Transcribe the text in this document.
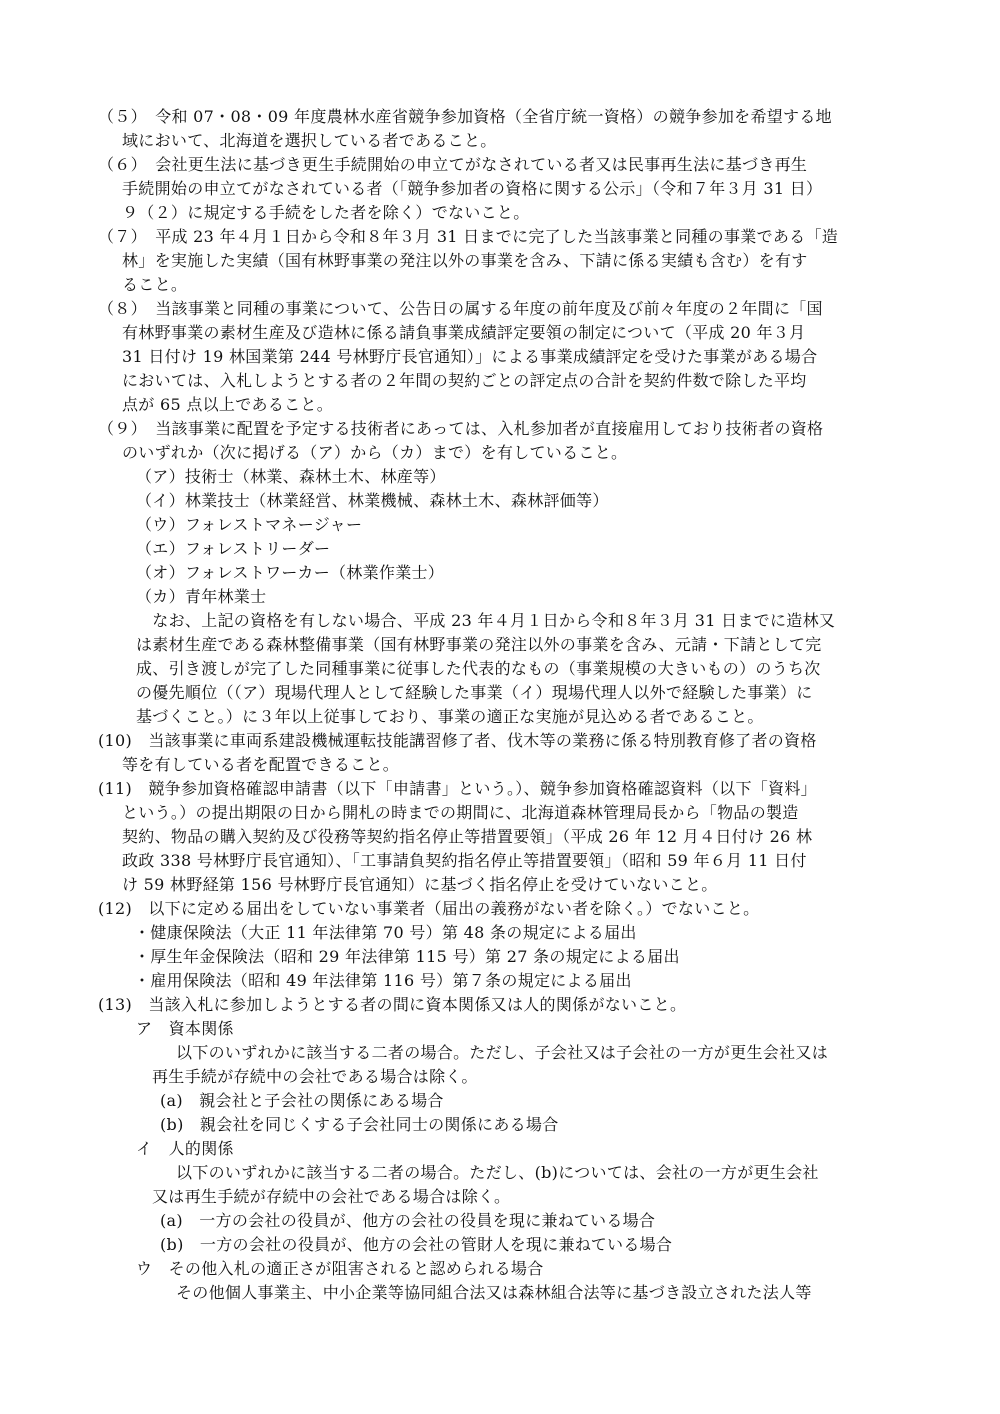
（５）　令和 07・08・09 年度農林水産省競争参加資格（全省庁統一資格）の競争参加を希望する地
域において、北海道を選択している者であること。
（６）　会社更生法に基づき更生手続開始の申立てがなされている者又は民事再生法に基づき再生
手続開始の申立てがなされている者（「競争参加者の資格に関する公示」（令和７年３月 31 日）
９（２）に規定する手続をした者を除く）でないこと。
（７）　平成 23 年４月１日から令和８年３月 31 日までに完了した当該事業と同種の事業である「造
林」を実施した実績（国有林野事業の発注以外の事業を含み、下請に係る実績も含む）を有す
ること。
（８）　当該事業と同種の事業について、公告日の属する年度の前年度及び前々年度の２年間に「国
有林野事業の素材生産及び造林に係る請負事業成績評定要領の制定について（平成 20 年３月
31 日付け 19 林国業第 244 号林野庁長官通知）」による事業成績評定を受けた事業がある場合
においては、入札しようとする者の２年間の契約ごとの評定点の合計を契約件数で除した平均
点が 65 点以上であること。
（９）　当該事業に配置を予定する技術者にあっては、入札参加者が直接雇用しており技術者の資格
のいずれか（次に掲げる（ア）から（カ）まで）を有していること。
（ア）技術士（林業、森林土木、林産等）
（イ）林業技士（林業経営、林業機械、森林土木、森林評価等）
（ウ）フォレストマネージャー
（エ）フォレストリーダー
（オ）フォレストワーカー（林業作業士）
（カ）青年林業士
　なお、上記の資格を有しない場合、平成 23 年４月１日から令和８年３月 31 日までに造林又
は素材生産である森林整備事業（国有林野事業の発注以外の事業を含み、元請・下請として完
成、引き渡しが完了した同種事業に従事した代表的なもの（事業規模の大きいもの）のうち次
の優先順位（（ア）現場代理人として経験した事業（イ）現場代理人以外で経験した事業）に
基づくこと。）に３年以上従事しており、事業の適正な実施が見込める者であること。
(10)　当該事業に車両系建設機械運転技能講習修了者、伐木等の業務に係る特別教育修了者の資格
等を有している者を配置できること。
(11)　競争参加資格確認申請書（以下「申請書」という。）、競争参加資格確認資料（以下「資料」
という。）の提出期限の日から開札の時までの期間に、北海道森林管理局長から「物品の製造
契約、物品の購入契約及び役務等契約指名停止等措置要領」（平成 26 年 12 月４日付け 26 林
政政 338 号林野庁長官通知）、「工事請負契約指名停止等措置要領」（昭和 59 年６月 11 日付
け 59 林野経第 156 号林野庁長官通知）に基づく指名停止を受けていないこと。
(12)　以下に定める届出をしていない事業者（届出の義務がない者を除く。）でないこと。
・健康保険法（大正 11 年法律第 70 号）第 48 条の規定による届出
・厚生年金保険法（昭和 29 年法律第 115 号）第 27 条の規定による届出
・雇用保険法（昭和 49 年法律第 116 号）第７条の規定による届出
(13)　当該入札に参加しようとする者の間に資本関係又は人的関係がないこと。
ア　資本関係
以下のいずれかに該当する二者の場合。ただし、子会社又は子会社の一方が更生会社又は
再生手続が存続中の会社である場合は除く。
(a)　親会社と子会社の関係にある場合
(b)　親会社を同じくする子会社同士の関係にある場合
イ　人的関係
以下のいずれかに該当する二者の場合。ただし、(b)については、会社の一方が更生会社
又は再生手続が存続中の会社である場合は除く。
(a)　一方の会社の役員が、他方の会社の役員を現に兼ねている場合
(b)　一方の会社の役員が、他方の会社の管財人を現に兼ねている場合
ウ　その他入札の適正さが阻害されると認められる場合
その他個人事業主、中小企業等協同組合法又は森林組合法等に基づき設立された法人等
